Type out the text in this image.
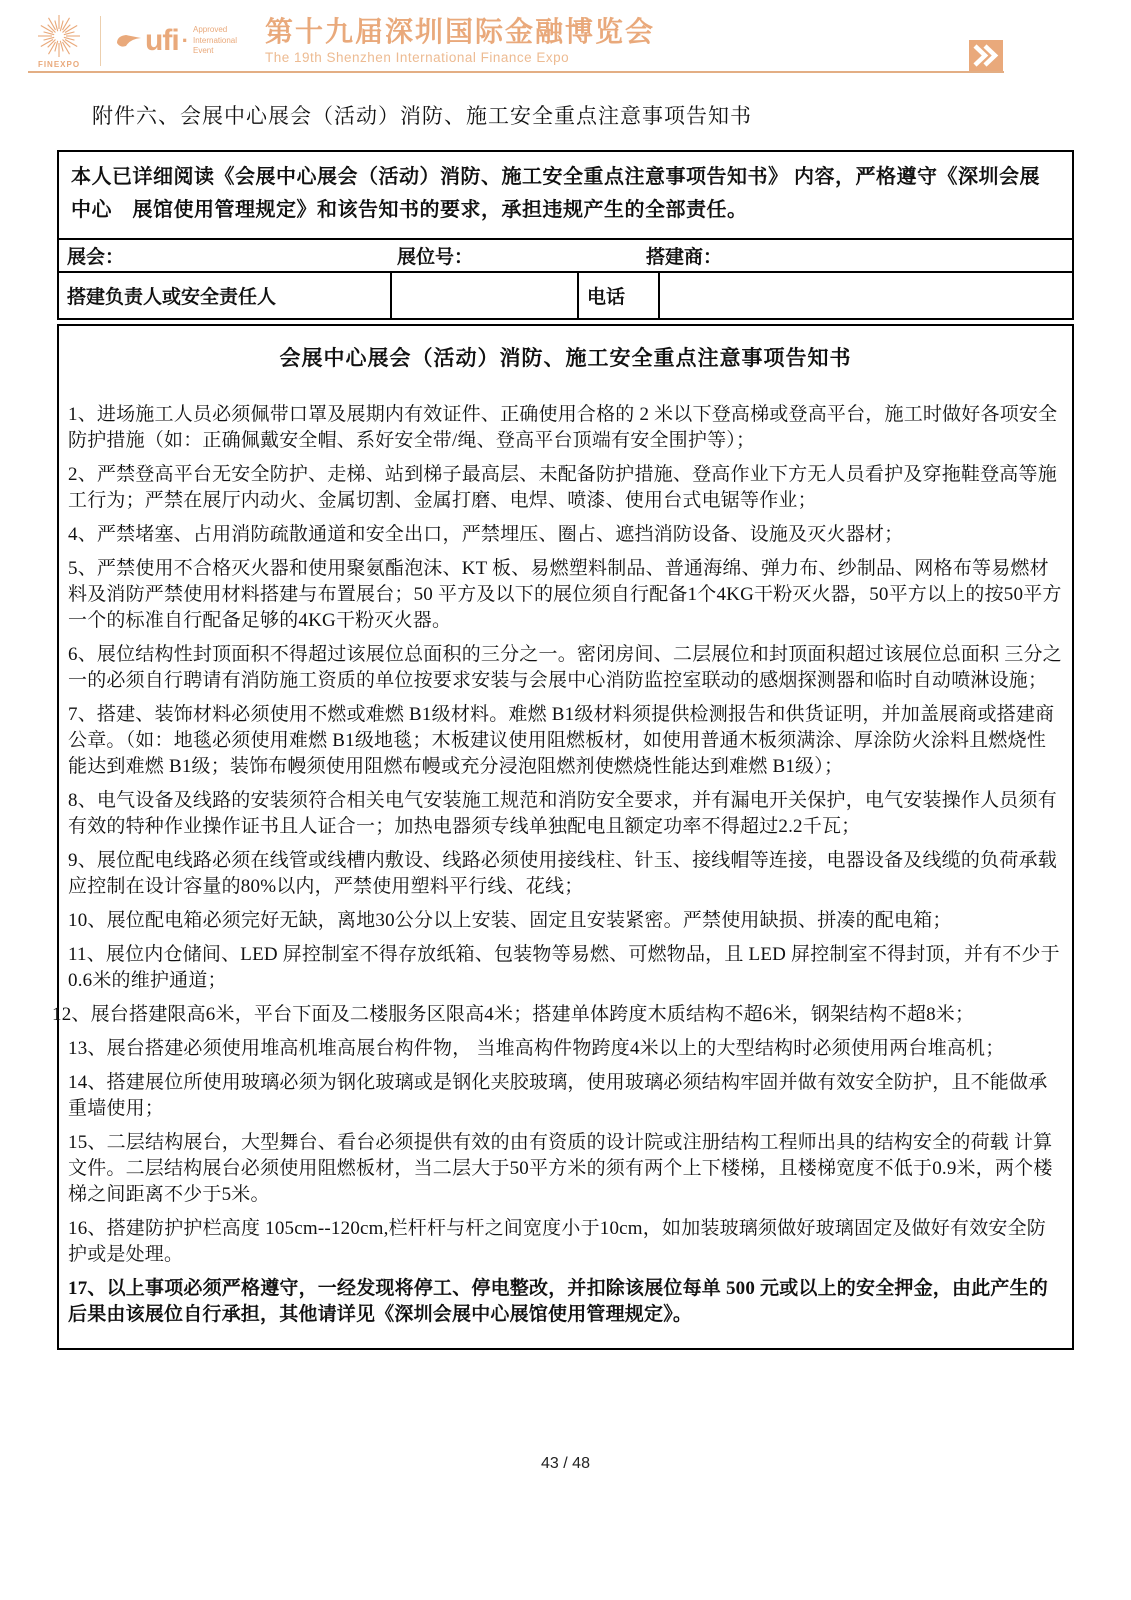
FINEXPO
ufi · Approved International Event
第十九届深圳国际金融博览会
The 19th Shenzhen International Finance Expo
附件六、会展中心展会（活动）消防、施工安全重点注意事项告知书
本人已详细阅读《会展中心展会（活动）消防、施工安全重点注意事项告知书》 内容，严格遵守《深圳会展中心　展馆使用管理规定》和该告知书的要求，承担违规产生的全部责任。
展会：	展位号：	搭建商：
搭建负责人或安全责任人	电话
会展中心展会（活动）消防、施工安全重点注意事项告知书

1、进场施工人员必须佩带口罩及展期内有效证件、正确使用合格的 2 米以下登高梯或登高平台，施工时做好各项安全防护措施（如：正确佩戴安全帽、系好安全带/绳、登高平台顶端有安全围护等）；

2、严禁登高平台无安全防护、走梯、站到梯子最高层、未配备防护措施、登高作业下方无人员看护及穿拖鞋登高等施工行为；严禁在展厅内动火、金属切割、金属打磨、电焊、喷漆、使用台式电锯等作业；

4、严禁堵塞、占用消防疏散通道和安全出口，严禁埋压、圈占、遮挡消防设备、设施及灭火器材；

5、严禁使用不合格灭火器和使用聚氨酯泡沫、KT 板、易燃塑料制品、普通海绵、弹力布、纱制品、网格布等易燃材料及消防严禁使用材料搭建与布置展台；50 平方及以下的展位须自行配备1个4KG干粉灭火器，50平方以上的按50平方一个的标准自行配备足够的4KG干粉灭火器。

6、展位结构性封顶面积不得超过该展位总面积的三分之一。密闭房间、二层展位和封顶面积超过该展位总面积 三分之一的必须自行聘请有消防施工资质的单位按要求安装与会展中心消防监控室联动的感烟探测器和临时自动喷淋设施；

7、搭建、装饰材料必须使用不燃或难燃 B1级材料。难燃 B1级材料须提供检测报告和供货证明，并加盖展商或搭建商公章。（如：地毯必须使用难燃 B1级地毯；木板建议使用阻燃板材，如使用普通木板须满涂、厚涂防火涂料且燃烧性能达到难燃 B1级；装饰布幔须使用阻燃布幔或充分浸泡阻燃剂使燃烧性能达到难燃 B1级）；

8、电气设备及线路的安装须符合相关电气安装施工规范和消防安全要求，并有漏电开关保护，电气安装操作人员须有有效的特种作业操作证书且人证合一；加热电器须专线单独配电且额定功率不得超过2.2千瓦；

9、展位配电线路必须在线管或线槽内敷设、线路必须使用接线柱、针玉、接线帽等连接，电器设备及线缆的负荷承载应控制在设计容量的80%以内，严禁使用塑料平行线、花线；

10、展位配电箱必须完好无缺，离地30公分以上安装、固定且安装紧密。严禁使用缺损、拼凑的配电箱；

11、展位内仓储间、LED 屏控制室不得存放纸箱、包装物等易燃、可燃物品，且 LED 屏控制室不得封顶，并有不少于0.6米的维护通道；

12、展台搭建限高6米，平台下面及二楼服务区限高4米；搭建单体跨度木质结构不超6米，钢架结构不超8米；

13、展台搭建必须使用堆高机堆高展台构件物， 当堆高构件物跨度4米以上的大型结构时必须使用两台堆高机；

14、搭建展位所使用玻璃必须为钢化玻璃或是钢化夹胶玻璃，使用玻璃必须结构牢固并做有效安全防护，且不能做承重墙使用；

15、二层结构展台，大型舞台、看台必须提供有效的由有资质的设计院或注册结构工程师出具的结构安全的荷载 计算文件。二层结构展台必须使用阻燃板材，当二层大于50平方米的须有两个上下楼梯，且楼梯宽度不低于0.9米，两个楼梯之间距离不少于5米。

16、搭建防护护栏高度 105cm--120cm,栏杆杆与杆之间宽度小于10cm，如加装玻璃须做好玻璃固定及做好有效安全防护或是处理。

17、以上事项必须严格遵守，一经发现将停工、停电整改，并扣除该展位每单 500 元或以上的安全押金，由此产生的后果由该展位自行承担，其他请详见《深圳会展中心展馆使用管理规定》。

43 / 48
